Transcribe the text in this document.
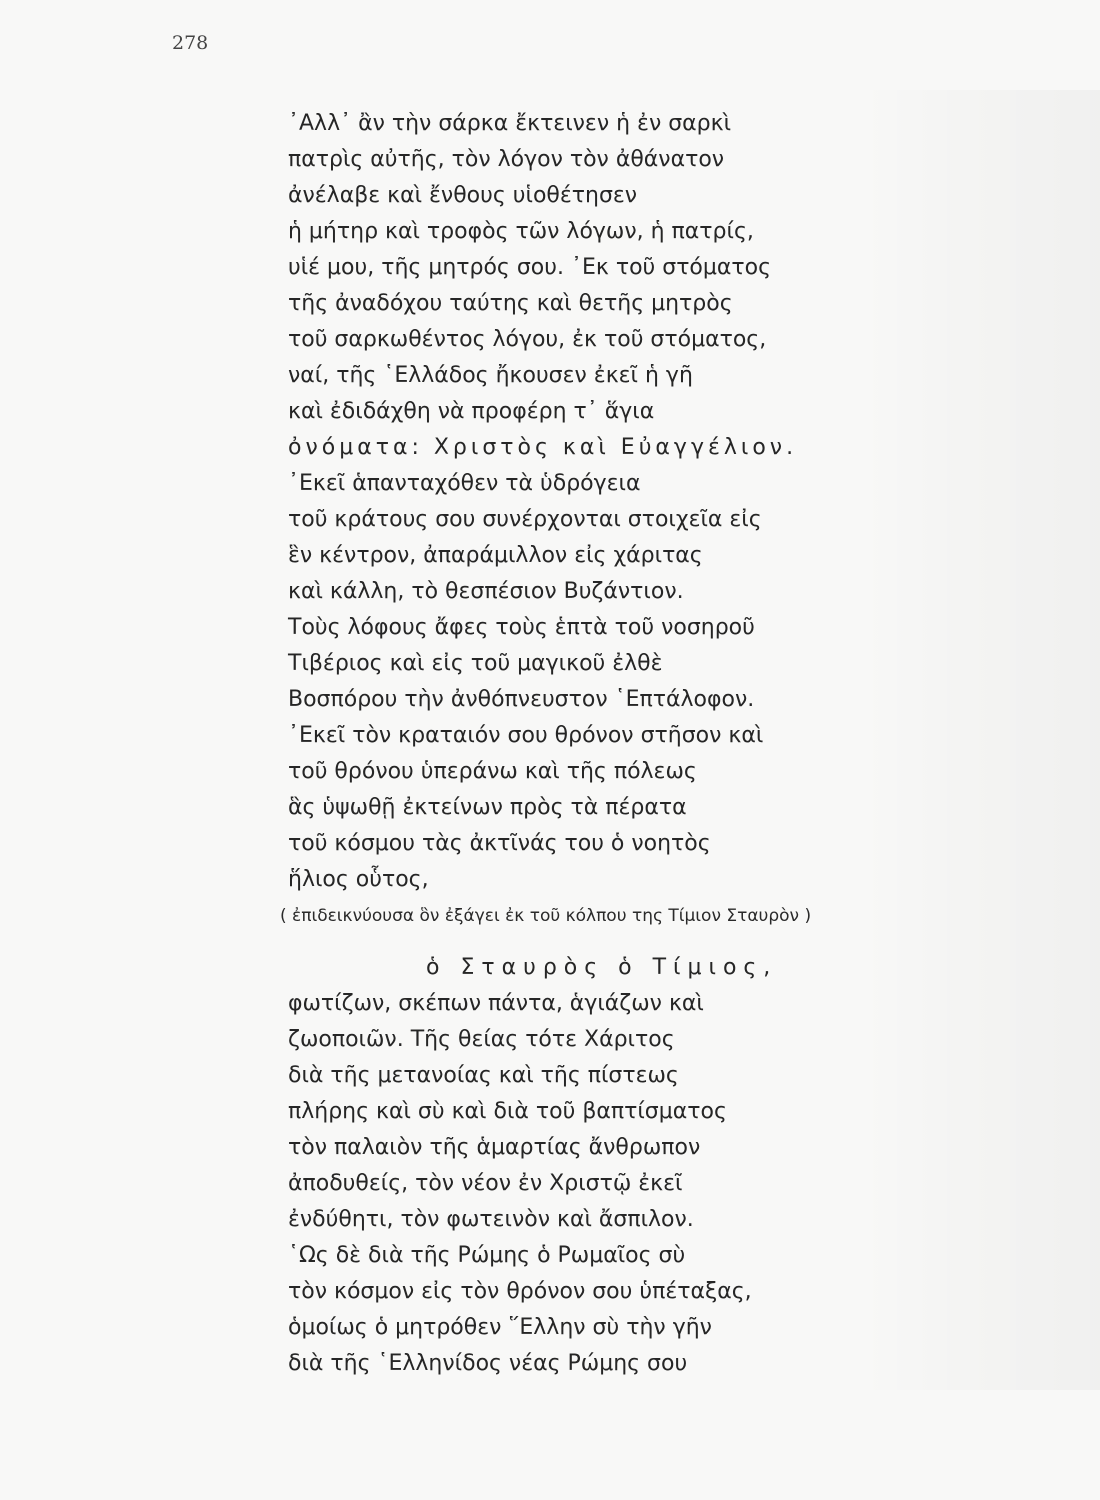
278

᾿Αλλ᾿ ἂν τὴν σάρκα ἔκτεινεν ἡ ἐν σαρκὶ
πατρὶς αὐτῆς, τὸν λόγον τὸν ἀθάνατον
ἀνέλαβε καὶ ἔνθους υἱοθέτησεν
ἡ μήτηρ καὶ τροφὸς τῶν λόγων, ἡ πατρίς,
υἱέ μου, τῆς μητρός σου. ᾿Εκ τοῦ στόματος
τῆς ἀναδόχου ταύτης καὶ θετῆς μητρὸς
τοῦ σαρκωθέντος λόγου, ἐκ τοῦ στόματος,
ναί, τῆς ῾Ελλάδος ἤκουσεν ἐκεῖ ἡ γῆ
καὶ ἐδιδάχθη νὰ προφέρη τ᾿ ἅγια
ὀνόματα: Χριστὸς καὶ Εὐαγγέλιον.
᾿Εκεῖ ἁπανταχόθεν τὰ ὑδρόγεια
τοῦ κράτους σου συνέρχονται στοιχεῖα εἰς
ἓν κέντρον, ἀπαράμιλλον εἰς χάριτας
καὶ κάλλη, τὸ θεσπέσιον Βυζάντιον.
Τοὺς λόφους ἄφες τοὺς ἑπτὰ τοῦ νοσηροῦ
Τιβέριος καὶ εἰς τοῦ μαγικοῦ ἐλθὲ
Βοσπόρου τὴν ἀνθόπνευστον ῾Επτάλοφον.
᾿Εκεῖ τὸν κραταιόν σου θρόνον στῆσον καὶ
τοῦ θρόνου ὑπεράνω καὶ τῆς πόλεως
ἃς ὑψωθῇ ἐκτείνων πρὸς τὰ πέρατα
τοῦ κόσμου τὰς ἀκτῖνάς του ὁ νοητὸς
ἥλιος οὗτος,

( ἐπιδεικνύουσα ὃν ἐξάγει ἐκ τοῦ κόλπου της Τίμιον Σταυρὸν )

ὁ Σταυρὸς ὁ Τίμιος,
φωτίζων, σκέπων πάντα, ἁγιάζων καὶ
ζωοποιῶν. Τῆς θείας τότε Χάριτος
διὰ τῆς μετανοίας καὶ τῆς πίστεως
πλήρης καὶ σὺ καὶ διὰ τοῦ βαπτίσματος
τὸν παλαιὸν τῆς ἁμαρτίας ἄνθρωπον
ἀποδυθείς, τὸν νέον ἐν Χριστῷ ἐκεῖ
ἐνδύθητι, τὸν φωτεινὸν καὶ ἄσπιλον.
῾Ως δὲ διὰ τῆς Ρώμης ὁ Ρωμαῖος σὺ
τὸν κόσμον εἰς τὸν θρόνον σου ὑπέταξας,
ὁμοίως ὁ μητρόθεν ῞Ελλην σὺ τὴν γῆν
διὰ τῆς ῾Ελληνίδος νέας Ρώμης σου
